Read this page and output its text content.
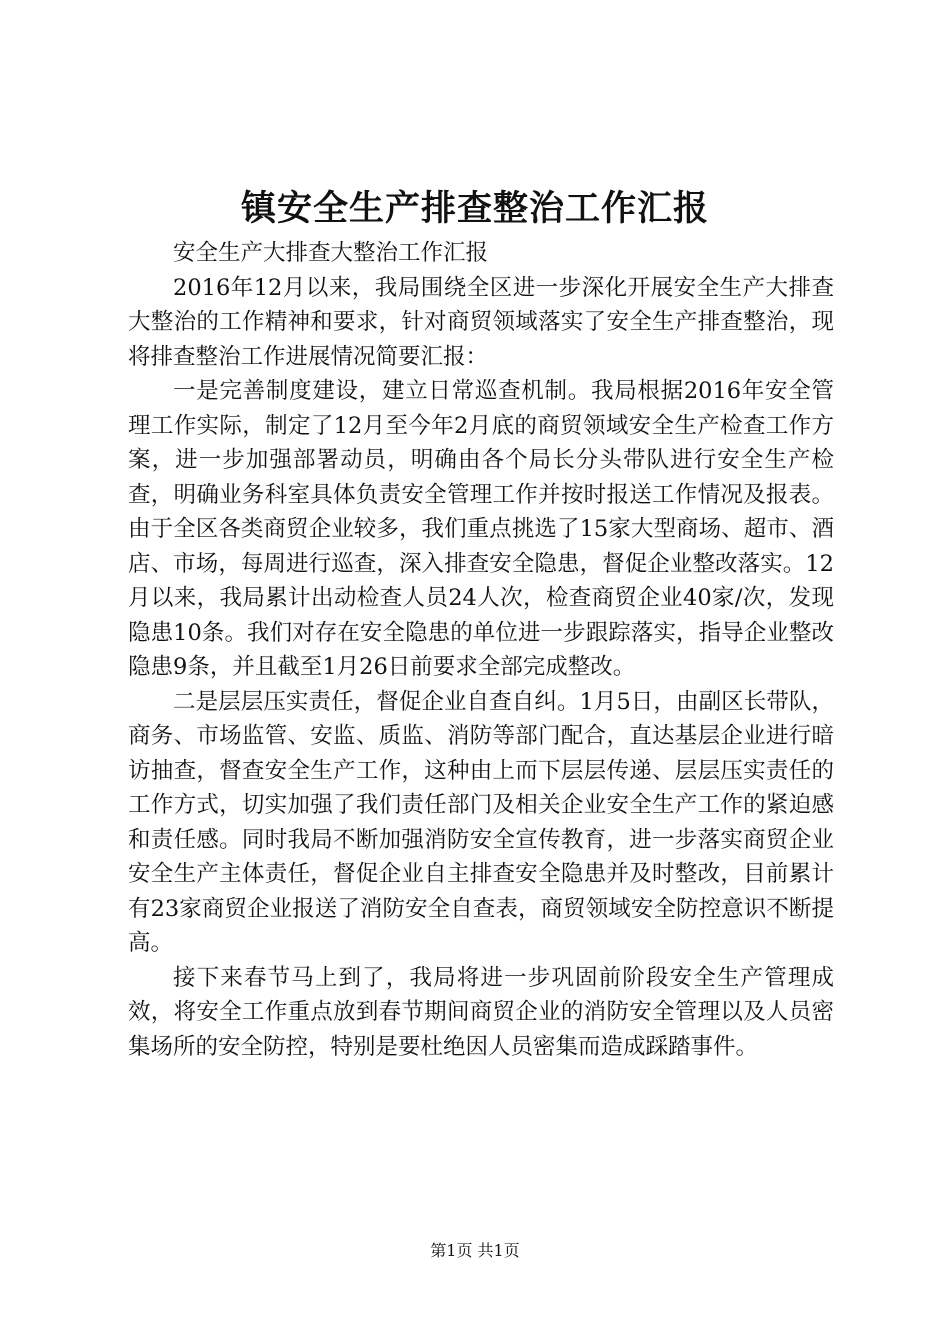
镇安全生产排查整治工作汇报

安全生产大排查大整治工作汇报

2016年12月以来，我局围绕全区进一步深化开展安全生产大排查大整治的工作精神和要求，针对商贸领域落实了安全生产排查整治，现将排查整治工作进展情况简要汇报：

一是完善制度建设，建立日常巡查机制。我局根据2016年安全管理工作实际，制定了12月至今年2月底的商贸领域安全生产检查工作方案，进一步加强部署动员，明确由各个局长分头带队进行安全生产检查，明确业务科室具体负责安全管理工作并按时报送工作情况及报表。由于全区各类商贸企业较多，我们重点挑选了15家大型商场、超市、酒店、市场，每周进行巡查，深入排查安全隐患，督促企业整改落实。12月以来，我局累计出动检查人员24人次，检查商贸企业40家/次，发现隐患10条。我们对存在安全隐患的单位进一步跟踪落实，指导企业整改隐患9条，并且截至1月26日前要求全部完成整改。

二是层层压实责任，督促企业自查自纠。1月5日，由副区长带队，商务、市场监管、安监、质监、消防等部门配合，直达基层企业进行暗访抽查，督查安全生产工作，这种由上而下层层传递、层层压实责任的工作方式，切实加强了我们责任部门及相关企业安全生产工作的紧迫感和责任感。同时我局不断加强消防安全宣传教育，进一步落实商贸企业安全生产主体责任，督促企业自主排查安全隐患并及时整改，目前累计有23家商贸企业报送了消防安全自查表，商贸领域安全防控意识不断提高。

接下来春节马上到了，我局将进一步巩固前阶段安全生产管理成效，将安全工作重点放到春节期间商贸企业的消防安全管理以及人员密集场所的安全防控，特别是要杜绝因人员密集而造成踩踏事件。

第1页 共1页
